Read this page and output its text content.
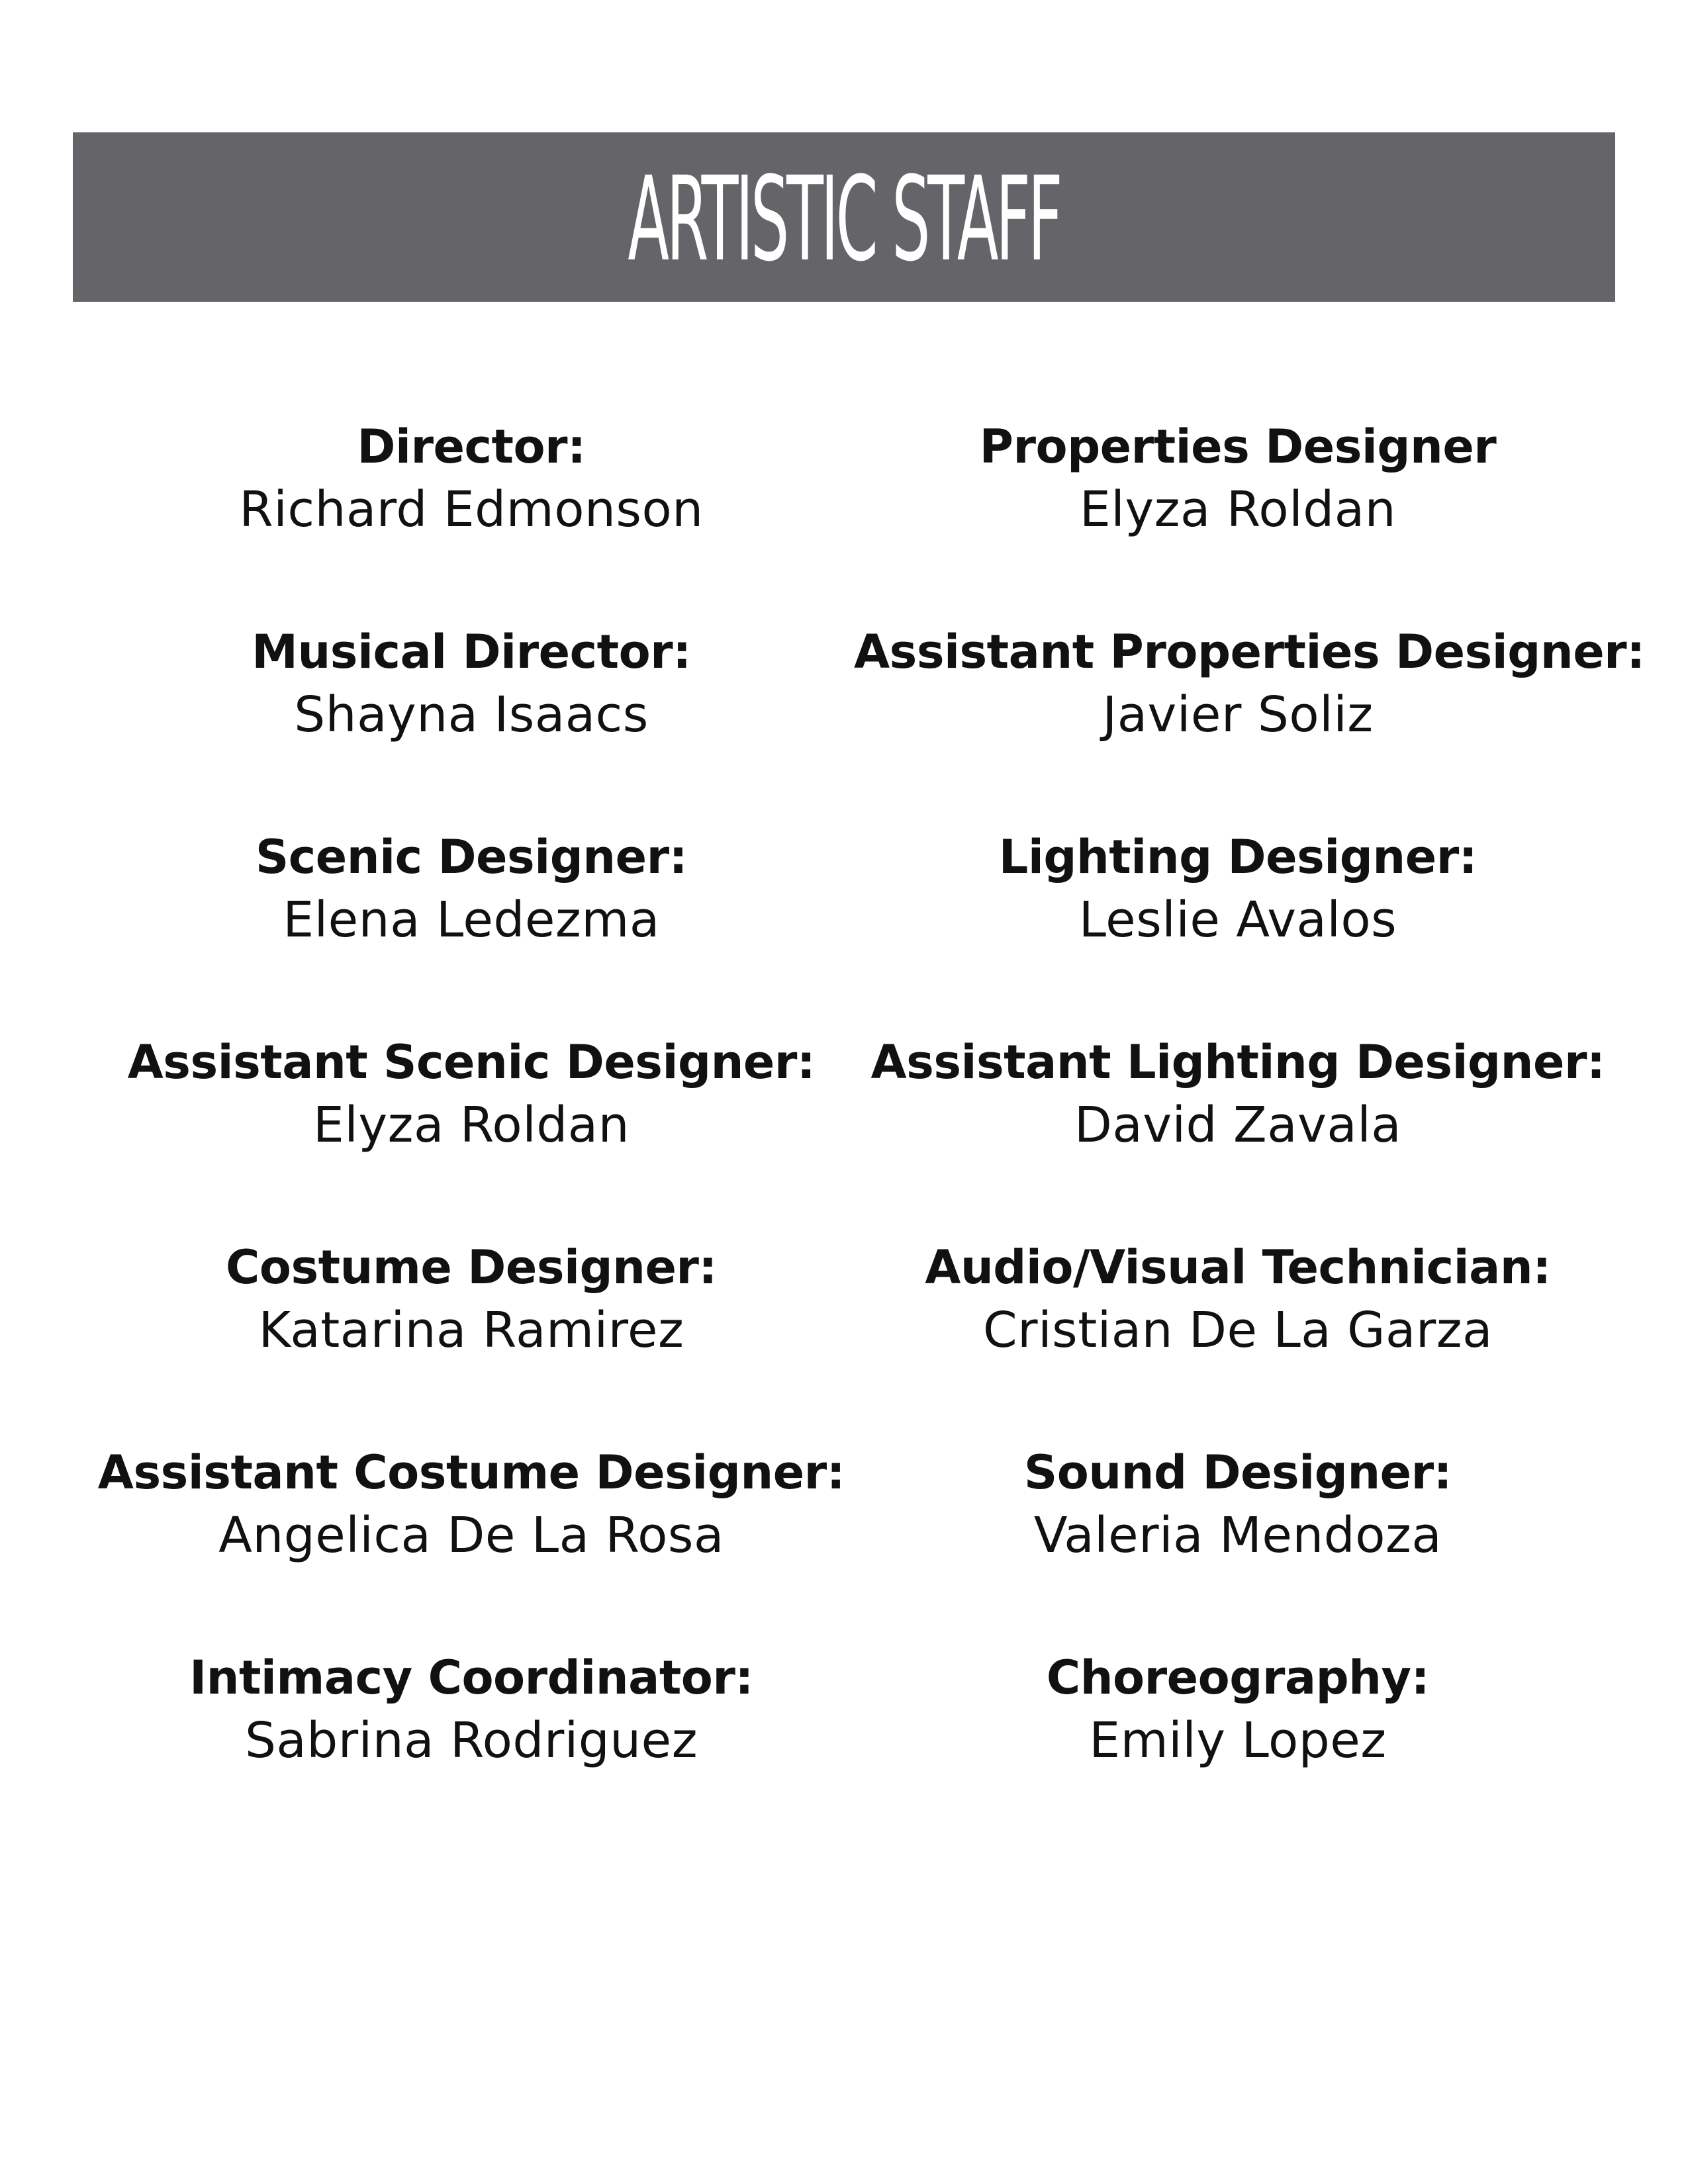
ARTISTIC STAFF
Director:
Richard Edmonson
Musical Director:
Shayna Isaacs
Scenic Designer:
Elena Ledezma
Assistant Scenic Designer:
Elyza Roldan
Costume Designer:
Katarina Ramirez
Assistant Costume Designer:
Angelica De La Rosa
Intimacy Coordinator:
Sabrina Rodriguez
Properties Designer
Elyza Roldan
Assistant Properties Designer:
Javier Soliz
Lighting Designer:
Leslie Avalos
Assistant Lighting Designer:
David Zavala
Audio/Visual Technician:
Cristian De La Garza
Sound Designer:
Valeria Mendoza
Choreography:
Emily Lopez
